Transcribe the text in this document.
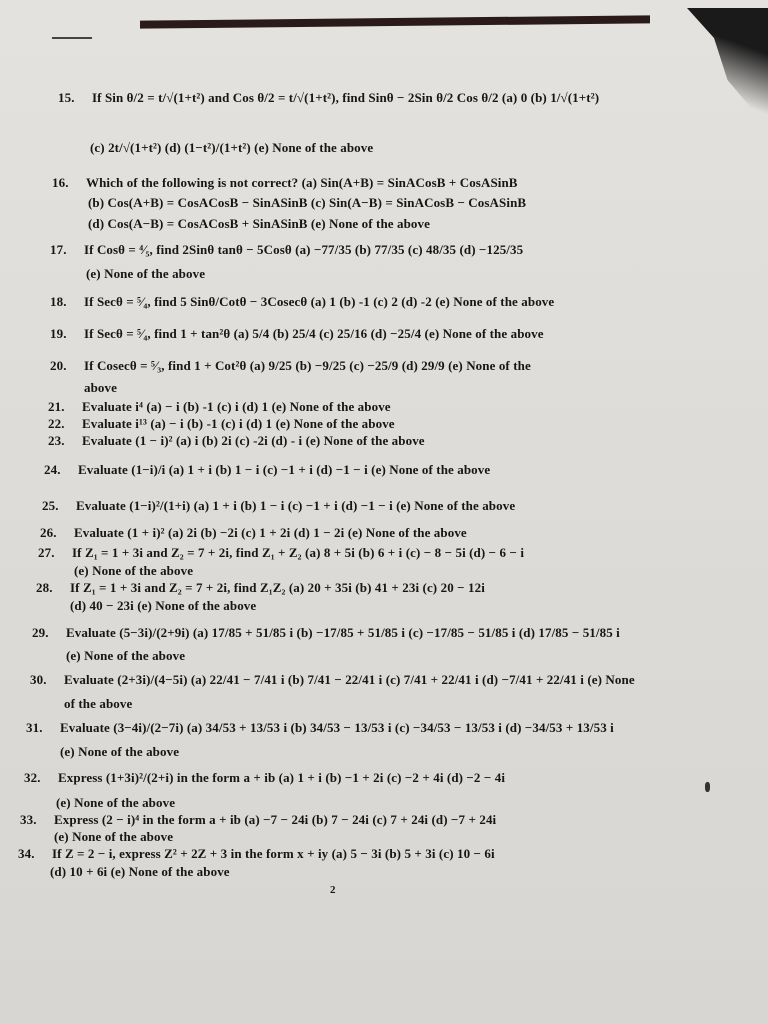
15. If Sin θ/2 = t/√(1+t²) and Cos θ/2 = t/√(1+t²), find Sinθ − 2Sin θ/2 Cos θ/2 (a) 0 (b) 1/√(1+t²)
(c) 2t/√(1+t²) (d) (1−t²)/(1+t²) (e) None of the above
16. Which of the following is not correct? (a) Sin(A+B) = SinACosB + CosASinB
(b) Cos(A+B) = CosACosB − SinASinB (c) Sin(A−B) = SinACosB − CosASinB
(d) Cos(A−B) = CosACosB + SinASinB (e) None of the above
17. If Cosθ = ⁴⁄₅, find 2Sinθ tanθ − 5Cosθ (a) −77/35 (b) 77/35 (c) 48/35 (d) −125/35
(e) None of the above
18. If Secθ = ⁵⁄₄, find 5 Sinθ/Cotθ − 3Cosecθ (a) 1 (b) -1 (c) 2 (d) -2 (e) None of the above
19. If Secθ = ⁵⁄₄, find 1 + tan²θ (a) 5/4 (b) 25/4 (c) 25/16 (d) −25/4 (e) None of the above
20. If Cosecθ = ⁵⁄₃, find 1 + Cot²θ (a) 9/25 (b) −9/25 (c) −25/9 (d) 29/9 (e) None of the
above
21. Evaluate i⁴ (a) − i (b) -1 (c) i (d) 1 (e) None of the above
22. Evaluate i¹³ (a) − i (b) -1 (c) i (d) 1 (e) None of the above
23. Evaluate (1 − i)² (a) i (b) 2i (c) -2i (d) - i (e) None of the above
24. Evaluate (1−i)/i (a) 1 + i (b) 1 − i (c) −1 + i (d) −1 − i (e) None of the above
25. Evaluate (1−i)²/(1+i) (a) 1 + i (b) 1 − i (c) −1 + i (d) −1 − i (e) None of the above
26. Evaluate (1 + i)² (a) 2i (b) −2i (c) 1 + 2i (d) 1 − 2i (e) None of the above
27. If Z₁ = 1 + 3i and Z₂ = 7 + 2i, find Z₁ + Z₂ (a) 8 + 5i (b) 6 + i (c) − 8 − 5i (d) − 6 − i
(e) None of the above
28. If Z₁ = 1 + 3i and Z₂ = 7 + 2i, find Z₁Z₂ (a) 20 + 35i (b) 41 + 23i (c) 20 − 12i
(d) 40 − 23i (e) None of the above
29. Evaluate (5−3i)/(2+9i) (a) 17/85 + 51/85 i (b) −17/85 + 51/85 i (c) −17/85 − 51/85 i (d) 17/85 − 51/85 i
(e) None of the above
30. Evaluate (2+3i)/(4−5i) (a) 22/41 − 7/41 i (b) 7/41 − 22/41 i (c) 7/41 + 22/41 i (d) −7/41 + 22/41 i (e) None
of the above
31. Evaluate (3−4i)/(2−7i) (a) 34/53 + 13/53 i (b) 34/53 − 13/53 i (c) −34/53 − 13/53 i (d) −34/53 + 13/53 i
(e) None of the above
32. Express (1+3i)²/(2+i) in the form a + ib (a) 1 + i (b) −1 + 2i (c) −2 + 4i (d) −2 − 4i
(e) None of the above
33. Express (2 − i)⁴ in the form a + ib (a) −7 − 24i (b) 7 − 24i (c) 7 + 24i (d) −7 + 24i
(e) None of the above
34. If Z = 2 − i, express Z² + 2Z + 3 in the form x + iy (a) 5 − 3i (b) 5 + 3i (c) 10 − 6i
(d) 10 + 6i (e) None of the above
2
